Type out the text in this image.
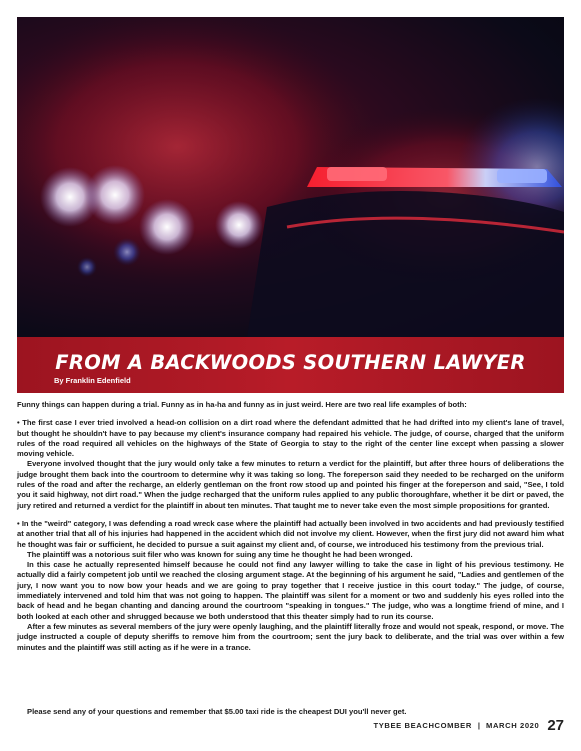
FROM A BACKWOODS SOUTHERN LAWYER
By Franklin Edenfield

Funny things can happen during a trial. Funny as in ha-ha and funny as in just weird. Here are two real life examples of both:

• The first case I ever tried involved a head-on collision on a dirt road where the defendant admitted that he had drifted into my client's lane of travel, but thought he shouldn't have to pay because my client's insurance company had repaired his vehicle. The judge, of course, charged that the uniform rules of the road required all vehicles on the highways of the State of Georgia to stay to the right of the center line except when passing a slower moving vehicle.

Everyone involved thought that the jury would only take a few minutes to return a verdict for the plaintiff, but after three hours of deliberations the judge brought them back into the courtroom to determine why it was taking so long. The foreperson said they needed to be recharged on the uniform rules of the road and after the recharge, an elderly gentleman on the front row stood up and pointed his finger at the foreperson and said, "See, I told you it said highway, not dirt road." When the judge recharged that the uniform rules applied to any public thoroughfare, whether it be dirt or paved, the jury retired and returned a verdict for the plaintiff in about ten minutes. That taught me to never take even the most simple propositions for granted.

• In the "weird" category, I was defending a road wreck case where the plaintiff had actually been involved in two accidents and had previously testified at another trial that all of his injuries had happened in the accident which did not involve my client. However, when the first jury did not award him what he thought was fair or sufficient, he decided to pursue a suit against my client and, of course, we introduced his testimony from the previous trial.

The plaintiff was a notorious suit filer who was known for suing any time he thought he had been wronged.

In this case he actually represented himself because he could not find any lawyer willing to take the case in light of his previous testimony. He actually did a fairly competent job until we reached the closing argument stage. At the beginning of his argument he said, "Ladies and gentlemen of the jury, I now want you to now bow your heads and we are going to pray together that I receive justice in this court today." The judge, of course, immediately intervened and told him that was not going to happen. The plaintiff was silent for a moment or two and suddenly his eyes rolled into the back of head and he began chanting and dancing around the courtroom "speaking in tongues." The judge, who was a longtime friend of mine, and I both looked at each other and shrugged because we both understood that this theater simply had to run its course.

After a few minutes as several members of the jury were openly laughing, and the plaintiff literally froze and would not speak, respond, or move. The judge instructed a couple of deputy sheriffs to remove him from the courtroom; sent the jury back to deliberate, and the trial was over within a few minutes and the plaintiff was still acting as if he were in a trance.

Please send any of your questions and remember that $5.00 taxi ride is the cheapest DUI you'll never get.
TYBEE BEACHCOMBER | MARCH 2020 27
